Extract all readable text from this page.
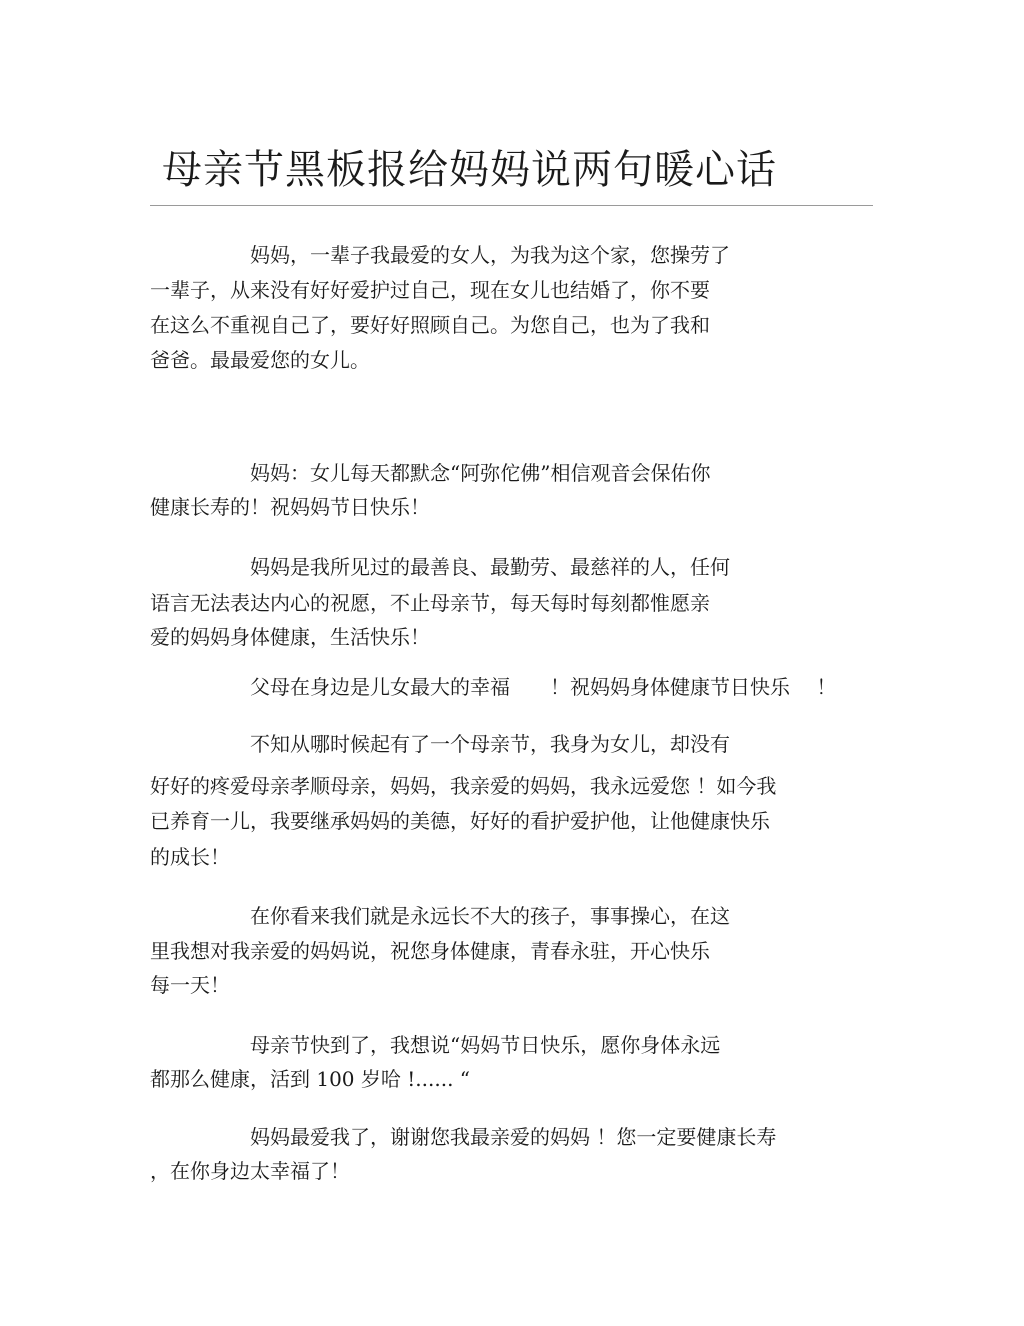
母亲节黑板报给妈妈说两句暖心话
妈妈，一辈子我最爱的女人，为我为这个家，您操劳了
一辈子，从来没有好好爱护过自己，现在女儿也结婚了，你不要
在这么不重视自己了，要好好照顾自己。为您自己，也为了我和
爸爸。最最爱您的女儿。
妈妈：女儿每天都默念“阿弥佗佛”相信观音会保佑你
健康长寿的！祝妈妈节日快乐！
妈妈是我所见过的最善良、最勤劳、最慈祥的人，任何
语言无法表达内心的祝愿，不止母亲节，每天每时每刻都惟愿亲
爱的妈妈身体健康，生活快乐！
父母在身边是儿女最大的幸福　　！祝妈妈身体健康节日快乐　 ！
不知从哪时候起有了一个母亲节，我身为女儿，却没有
好好的疼爱母亲孝顺母亲，妈妈，我亲爱的妈妈，我永远爱您 ！如今我
已养育一儿，我要继承妈妈的美德，好好的看护爱护他，让他健康快乐
的成长！
在你看来我们就是永远长不大的孩子，事事操心，在这
里我想对我亲爱的妈妈说，祝您身体健康，青春永驻，开心快乐
每一天！
母亲节快到了，我想说“妈妈节日快乐，愿你身体永远
都那么健康，活到 100 岁哈 !...... “
妈妈最爱我了，谢谢您我最亲爱的妈妈 ！您一定要健康长寿
，在你身边太幸福了！
